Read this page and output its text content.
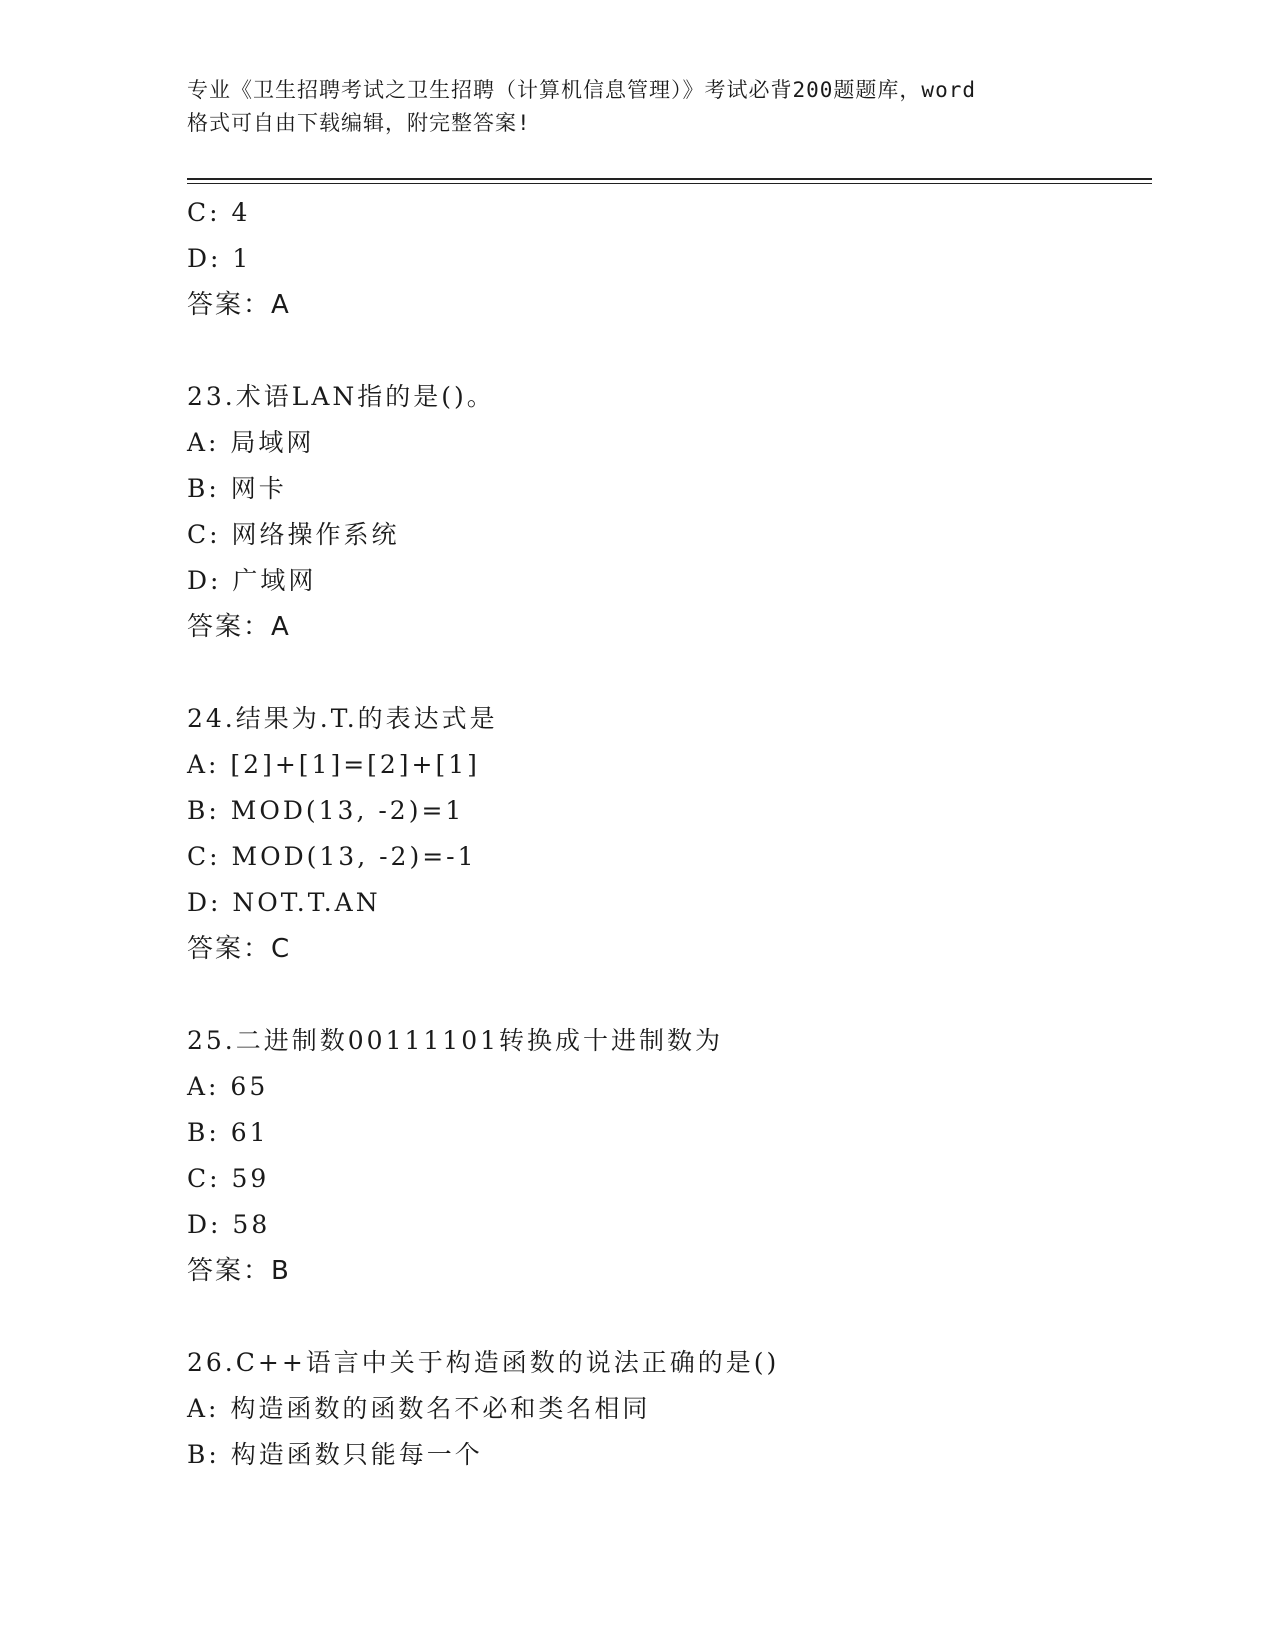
专业《卫生招聘考试之卫生招聘（计算机信息管理）》考试必背200题题库，word
格式可自由下载编辑，附完整答案!
C: 4
D: 1
答案：A
23.术语LAN指的是()。
A: 局域网
B: 网卡
C: 网络操作系统
D: 广域网
答案：A
24.结果为.T.的表达式是
A: [2]+[1]=[2]+[1]
B: MOD(13, -2)=1
C: MOD(13, -2)=-1
D: NOT.T.AN
答案：C
25.二进制数00111101转换成十进制数为
A: 65
B: 61
C: 59
D: 58
答案：B
26.C++语言中关于构造函数的说法正确的是()
A: 构造函数的函数名不必和类名相同
B: 构造函数只能每一个
